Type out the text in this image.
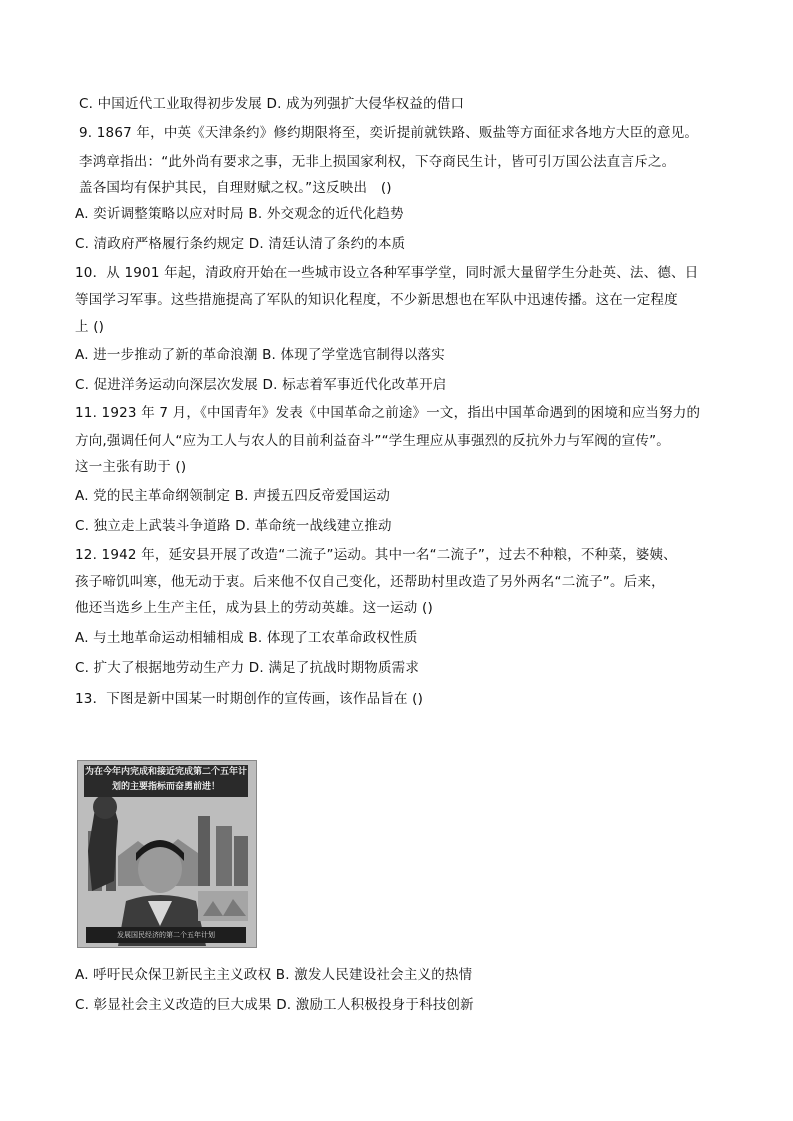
C. 中国近代工业取得初步发展 D. 成为列强扩大侵华权益的借口
9. 1867 年，中英《天津条约》修约期限将至，奕䜣提前就铁路、贩盐等方面征求各地方大臣的意见。
李鸿章指出：“此外尚有要求之事，无非上损国家利权，下夺商民生计，皆可引万国公法直言斥之。
盖各国均有保护其民，自理财赋之权。”这反映出　()
A. 奕䜣调整策略以应对时局 B. 外交观念的近代化趋势
C. 清政府严格履行条约规定 D. 清廷认清了条约的本质
10．从 1901 年起，清政府开始在一些城市设立各种军事学堂，同时派大量留学生分赴英、法、德、日
等国学习军事。这些措施提高了军队的知识化程度，不少新思想也在军队中迅速传播。这在一定程度
上 ()
A. 进一步推动了新的革命浪潮 B. 体现了学堂选官制得以落实
C. 促进洋务运动向深层次发展 D. 标志着军事近代化改革开启
11. 1923 年 7 月，《中国青年》发表《中国革命之前途》一文，指出中国革命遇到的困境和应当努力的
方向,强调任何人“应为工人与农人的目前利益奋斗”“学生理应从事强烈的反抗外力与军阀的宣传”。
这一主张有助于 ()
A. 党的民主革命纲领制定 B. 声援五四反帝爱国运动
C. 独立走上武装斗争道路 D. 革命统一战线建立推动
12. 1942 年，延安县开展了改造“二流子”运动。其中一名“二流子”，过去不种粮，不种菜，婆姨、
孩子啼饥叫寒，他无动于衷。后来他不仅自己变化，还帮助村里改造了另外两名“二流子”。后来，
他还当选乡上生产主任，成为县上的劳动英雄。这一运动 ()
A. 与土地革命运动相辅相成 B. 体现了工农革命政权性质
C. 扩大了根据地劳动生产力 D. 满足了抗战时期物质需求
13．下图是新中国某一时期创作的宣传画，该作品旨在 ()
为在今年内完成和接近完成第二个五年计划的主要指标而奋勇前进！
发展国民经济的第二个五年计划
A. 呼吁民众保卫新民主主义政权 B. 激发人民建设社会主义的热情
C. 彰显社会主义改造的巨大成果 D. 激励工人积极投身于科技创新
